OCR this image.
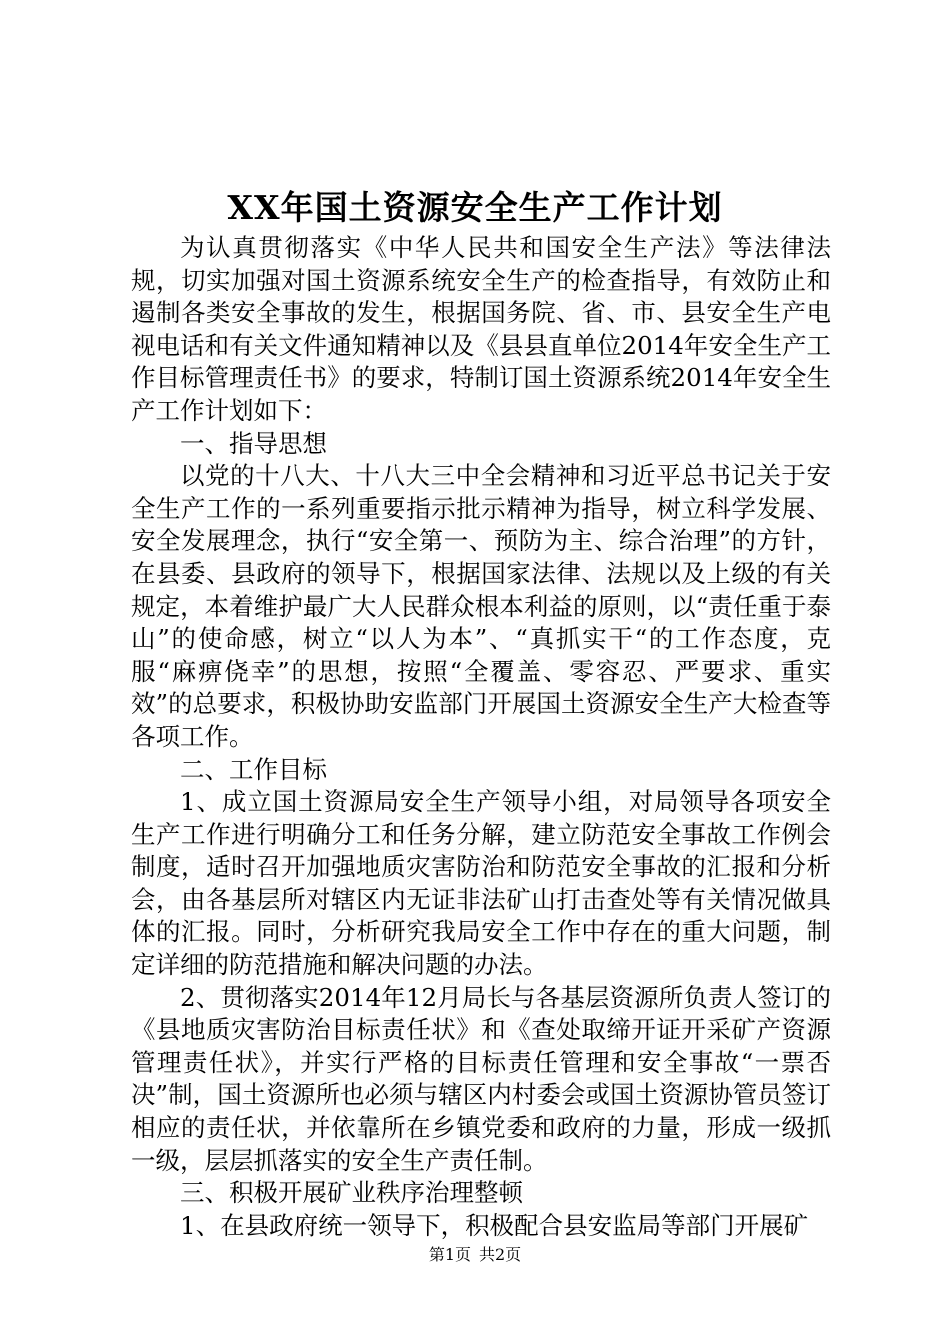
XX年国土资源安全生产工作计划

为认真贯彻落实《中华人民共和国安全生产法》等法律法规，切实加强对国土资源系统安全生产的检查指导，有效防止和遏制各类安全事故的发生，根据国务院、省、市、县安全生产电视电话和有关文件通知精神以及《县县直单位2014年安全生产工作目标管理责任书》的要求，特制订国土资源系统2014年安全生产工作计划如下：

一、指导思想

以党的十八大、十八大三中全会精神和习近平总书记关于安全生产工作的一系列重要指示批示精神为指导，树立科学发展、安全发展理念，执行“安全第一、预防为主、综合治理”的方针，在县委、县政府的领导下，根据国家法律、法规以及上级的有关规定，本着维护最广大人民群众根本利益的原则，以“责任重于泰山”的使命感，树立“以人为本”、“真抓实干“的工作态度，克服“麻痹侥幸”的思想，按照“全覆盖、零容忍、严要求、重实效”的总要求，积极协助安监部门开展国土资源安全生产大检查等各项工作。

二、工作目标

1、成立国土资源局安全生产领导小组，对局领导各项安全生产工作进行明确分工和任务分解，建立防范安全事故工作例会制度，适时召开加强地质灾害防治和防范安全事故的汇报和分析会，由各基层所对辖区内无证非法矿山打击查处等有关情况做具体的汇报。同时，分析研究我局安全工作中存在的重大问题，制定详细的防范措施和解决问题的办法。

2、贯彻落实2014年12月局长与各基层资源所负责人签订的《县地质灾害防治目标责任状》和《查处取缔开证开采矿产资源管理责任状》，并实行严格的目标责任管理和安全事故“一票否决”制，国土资源所也必须与辖区内村委会或国土资源协管员签订相应的责任状，并依靠所在乡镇党委和政府的力量，形成一级抓一级，层层抓落实的安全生产责任制。

三、积极开展矿业秩序治理整顿

1、在县政府统一领导下，积极配合县安监局等部门开展矿

第1页 共2页
